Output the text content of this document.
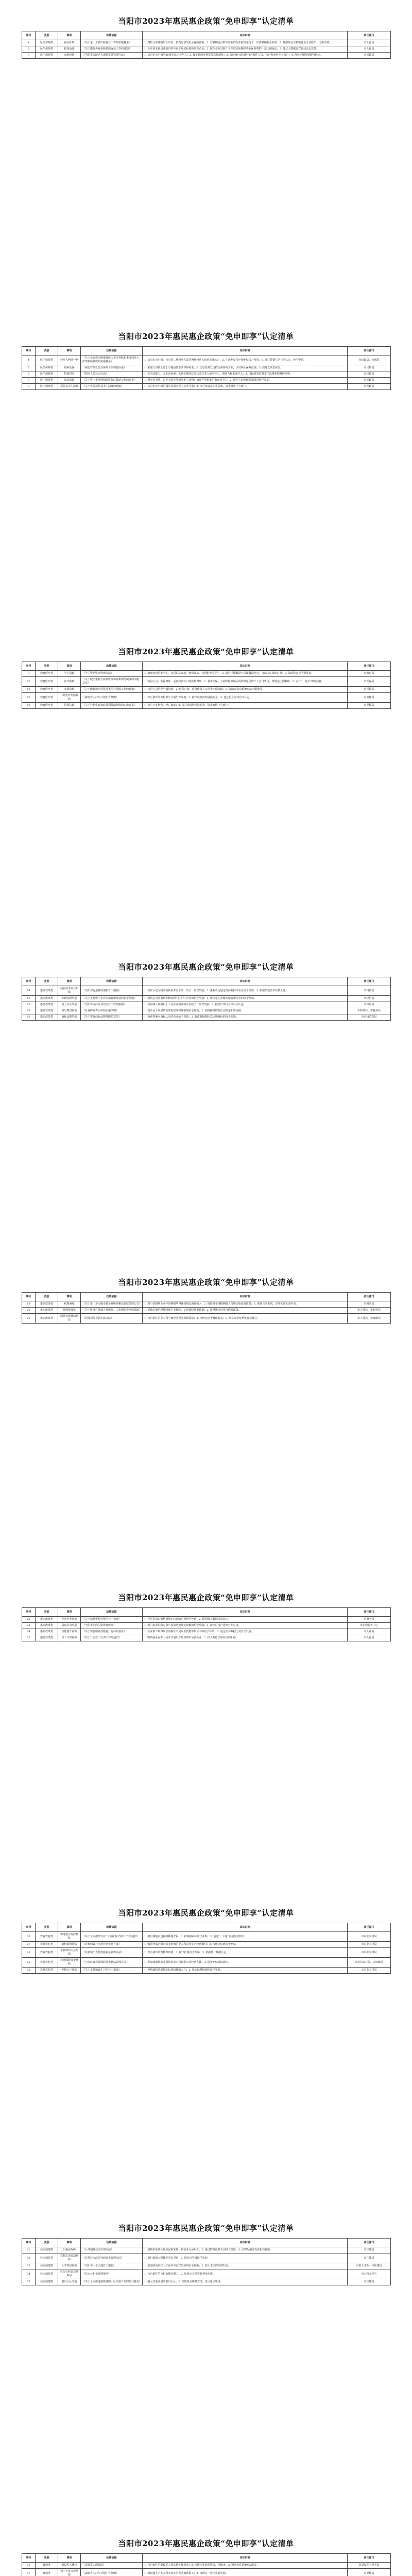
当阳市2023年惠民惠企政策“免申即享”认定清单
序号	类别	事项	政策依据	具体内容	责任部门
1	民生保障类	就业补贴	《关于进一步做好稳就业工作的实施意见》	1. 对符合条件的用人单位，按规定享受社会保险补贴；2. 对吸纳重点群体就业的企业按规定给予一次性吸纳就业补贴；3. 补贴资金直接拨付至企业账户，无需申请。	市人社局
2	民生保障类	稳岗返还	《关于做好失业保险稳岗返还工作的通知》	1. 上年度未裁员或裁员率不高于规定标准的参保企业；2. 按企业及其职工上年度实际缴纳失业保险费的一定比例返还；3. 通过大数据比对自动认定发放。	市人社局
3	民生保障类	高龄津贴	《当阳市高龄老人津贴发放管理办法》	1. 具有本市户籍的80周岁以上老年人；2. 按年龄段分档发放高龄津贴；3. 由系统自动识别符合条件人员，按月发放至个人账户；4. 每年定期开展资格认证。	市民政局
当阳市2023年惠民惠企政策“免申即享”认定清单
序号	类别	事项	政策依据	具体内容	责任部门
4	民生保障类	残疾人两项补贴	《关于全面建立困难残疾人生活补贴和重度残疾人护理补贴制度的实施意见》	1. 具有本市户籍，持有第二代残疾人证的困难残疾人和重度残疾人；2. 生活补贴与护理补贴按月发放；3. 通过数据共享自动认定，免予申请。	市民政局、市残联
5	民生保障类	城乡低保	《湖北省最低生活保障工作实施办法》	1. 家庭人均收入低于当地最低生活保障标准；2. 动态监测发现符合条件的对象，主动纳入保障范围；3. 按月发放低保金。	市民政局
6	民生保障类	特困供养	《特困人员认定办法》	1. 无劳动能力、无生活来源、无法定赡养抚养扶养义务人的老年人、残疾人和未成年人；2. 按标准发放基本生活费和照料护理费。	市民政局
7	民生保障类	临时救助	《关于进一步加强和改进临时救助工作的意见》	1. 因突发事件、意外事故等导致基本生活暂时出现严重困难的家庭或个人；2. 通过主动发现机制及时给予救助。	市民政局
8	民生保障类	孤儿基本生活费	《关于发放孤儿基本生活费的通知》	1. 具有本市户籍的孤儿及事实无人抚养儿童；2. 按月发放基本生活费，资金直达个人账户。	市民政局
当阳市2023年惠民惠企政策“免申即享”认定清单
序号	类别	事项	政策依据	具体内容	责任部门
9	教育医疗类	学生资助	《学生资助资金管理办法》	1. 家庭经济困难学生，包括脱贫家庭、低保家庭、特困供养等学生；2. 通过学籍数据与民政数据比对，自动认定资助对象；3. 资助资金按学期发放。	市教育局
10	教育医疗类	医疗救助	《关于健全重特大疾病医疗保险和救助制度的实施意见》	1. 特困人员、低保对象、返贫致贫人口等救助对象；2. 基本医保、大病保险报销后的政策范围内个人自付费用，按规定比例救助；3. 实行“一站式”即时结算。	市医保局
11	教育医疗类	参保资助	《关于做好城乡居民基本医疗保障工作的通知》	1. 特困人员给予全额资助；2. 低保对象、返贫致贫人口给予定额资助；3. 资助资金由系统自动匹配拨付。	市医保局
12	教育医疗类	计划生育奖励扶助	《湖北省人口与计划生育条例》	1. 符合条件的农村部分计划生育家庭；2. 按年度发放奖励扶助金；3. 通过信息比对自动认定。	市卫健局
13	教育医疗类	特别扶助	《关于计划生育家庭特别扶助制度的实施意见》	1. 独生子女伤残、死亡家庭；2. 按月发放特别扶助金，资金直达个人账户。	市卫健局
当阳市2023年惠民惠企政策“免申即享”认定清单
序号	类别	事项	政策依据	具体内容	责任部门
14	惠企政策类	高新技术企业奖励	《当阳市促进科技创新若干措施》	1. 首次认定为国家高新技术企业的，给予一次性奖励；2. 重新认定通过的高新技术企业给予奖励；3. 根据认定名单直接兑现。	市科技局
15	惠企政策类	专精特新奖励	《关于支持中小企业专精特新发展的若干措施》	1. 新认定为国家级专精特新“小巨人”企业的给予奖励；2. 新认定为省级专精特新企业的给予奖励。	市经信局
16	惠企政策类	规上企业奖励	《当阳市支持企业发展若干政策措施》	1. 首次纳入规模以上工业企业统计的企业给予一次性奖励；2. 按统计部门名单自动认定。	市经信局
17	惠企政策类	研发费用补助	《企业研发费用补助实施细则》	1. 按企业上年度研发费用加计扣除额度给予补助；2. 依据税务数据自动核定补助金额。	市科技局、市税务局
18	惠企政策类	商标品牌奖励	《关于实施商标品牌战略的意见》	1. 新获得驰名商标认定的企业给予奖励；2. 新注册地理标志证明商标的给予奖励。	市市场监管局
当阳市2023年惠民惠企政策“免申即享”认定清单
序号	类别	事项	政策依据	具体内容	责任部门
19	惠企政策类	税费减免	《关于进一步实施小微企业所得税优惠政策的公告》	1. 对小型微利企业年应纳税所得额按规定减计收入；2. 增值税小规模纳税人按规定免征增值税；3. 系统自动识别，享受优惠无需申请。	市税务局
20	惠企政策类	社保费减免	《关于阶段性降低失业保险、工伤保险费率的通知》	1. 延续实施阶段性降低失业保险、工伤保险费率政策；2. 由系统自动执行降费政策。	市人社局、市税务局
21	惠企政策类	创业担保贷款贴息	《创业担保贷款实施办法》	1. 符合条件的个人和小微企业创业担保贷款；2. 按规定给予财政贴息；3. 贴息资金按季度直接拨付。	市人社局、市财政局
当阳市2023年惠民惠企政策“免申即享”认定清单
序号	类别	事项	政策依据	具体内容	责任部门
22	惠企政策类	外贸企业补助	《关于稳外贸稳外资的若干措施》	1. 当年进出口额达到规定标准的企业给予补助；2. 依据海关数据自动认定。	市商务局
23	惠企政策类	招商引资奖励	《当阳市招商引资优惠政策》	1. 新引进项目固定资产投资达到规定规模的给予奖励；2. 按项目投产进度分期兑现。	市招商服务中心
24	惠企政策类	技能提升补贴	《关于实施职业技能提升行动的意见》	1. 企业职工取得职业资格证书或职业技能等级证书的给予补贴；2. 通过证书数据比对自动发放。	市人社局
25	惠企政策类	以工代训补贴	《关于开展以工代训工作的通知》	1. 吸纳就业困难人员并开展以工代训的中小微企业；2. 按人数给予职业培训补贴。	市人社局
当阳市2023年惠民惠企政策“免申即享”认定清单
序号	类别	事项	政策依据	具体内容	责任部门
26	农业农村类	耕地地力保护补贴	《关于全面推开农业“三项补贴”改革工作的通知》	1. 拥有耕地承包权的种地农民；2. 按确权面积给予补贴；3. 通过“一卡通”直接发放到户。	市农业农村局
27	农业农村类	农机购置补贴	《农机购置与应用补贴实施方案》	1. 购置补贴范围内农业机械的个人和农业生产经营组织；2. 按规定标准给予补贴。	市农业农村局
28	农业农村类	生猪调出大县奖励	《生猪调出大县奖励资金管理办法》	1. 符合条件的规模养殖场；2. 按出栏量给予奖励；3. 依据统计数据认定。	市农业农村局
29	农业农村类	农业保险保费补贴	《中央财政农业保险保费补贴管理办法》	1. 参加政策性农业保险的农户和新型农业经营主体；2. 保费补贴直接抵扣。	市农业农村局、市财政局
30	农业农村类	种粮大户补贴	《关于支持粮食生产的若干措施》	1. 种植面积达到规定标准的种粮大户；2. 按实际种植面积给予补贴。	市农业农村局
当阳市2023年惠民惠企政策“免申即享”认定清单
序号	类别	事项	政策依据	具体内容	责任部门
31	住房城建类	公租房保障	《公共租赁住房管理办法》	1. 城镇中低收入住房困难家庭、新就业无房职工；2. 通过数据比对主动纳入保障；3. 实物配租或发放租赁补贴。	市住建局
32	住房城建类	农村危房改造补助	《农村危房改造补助资金管理办法》	1. 农村低收入群体等重点对象；2. 按危房等级给予补助。	市住建局
33	住房城建类	人才购房补贴	《当阳市人才引进若干措施》	1. 引进的高层次人才在本市首次购房的给予补贴；2. 按人才层次分档发放。	市委人才办、市住建局
34	住房城建类	住房公积金贷款贴息	《住房公积金管理条例》	1. 符合条件的公积金缴存职工；2. 按规定享受贷款利率优惠。	市公积金中心
35	住房城建类	老旧小区改造	《关于全面推进城镇老旧小区改造工作的指导意见》	1. 纳入改造计划的老旧小区；2. 改造资金统筹安排，居民免予申请。	市住建局
当阳市2023年惠民惠企政策“免申即享”认定清单
序号	类别	事项	政策依据	具体内容	责任部门
36	其他类	退役军人优待	《退役军人保障法》	1. 符合条件的退役军人及其他优抚对象；2. 按规定发放优待金、抚恤金；3. 通过信息系统自动认定。	市退役军人事务局
37	其他类	独生子女父母奖励	《湖北省人口与计划生育条例》	1. 领取独生子女父母光荣证的企业退休职工；2. 按规定一次性发放奖励。	市卫健局
